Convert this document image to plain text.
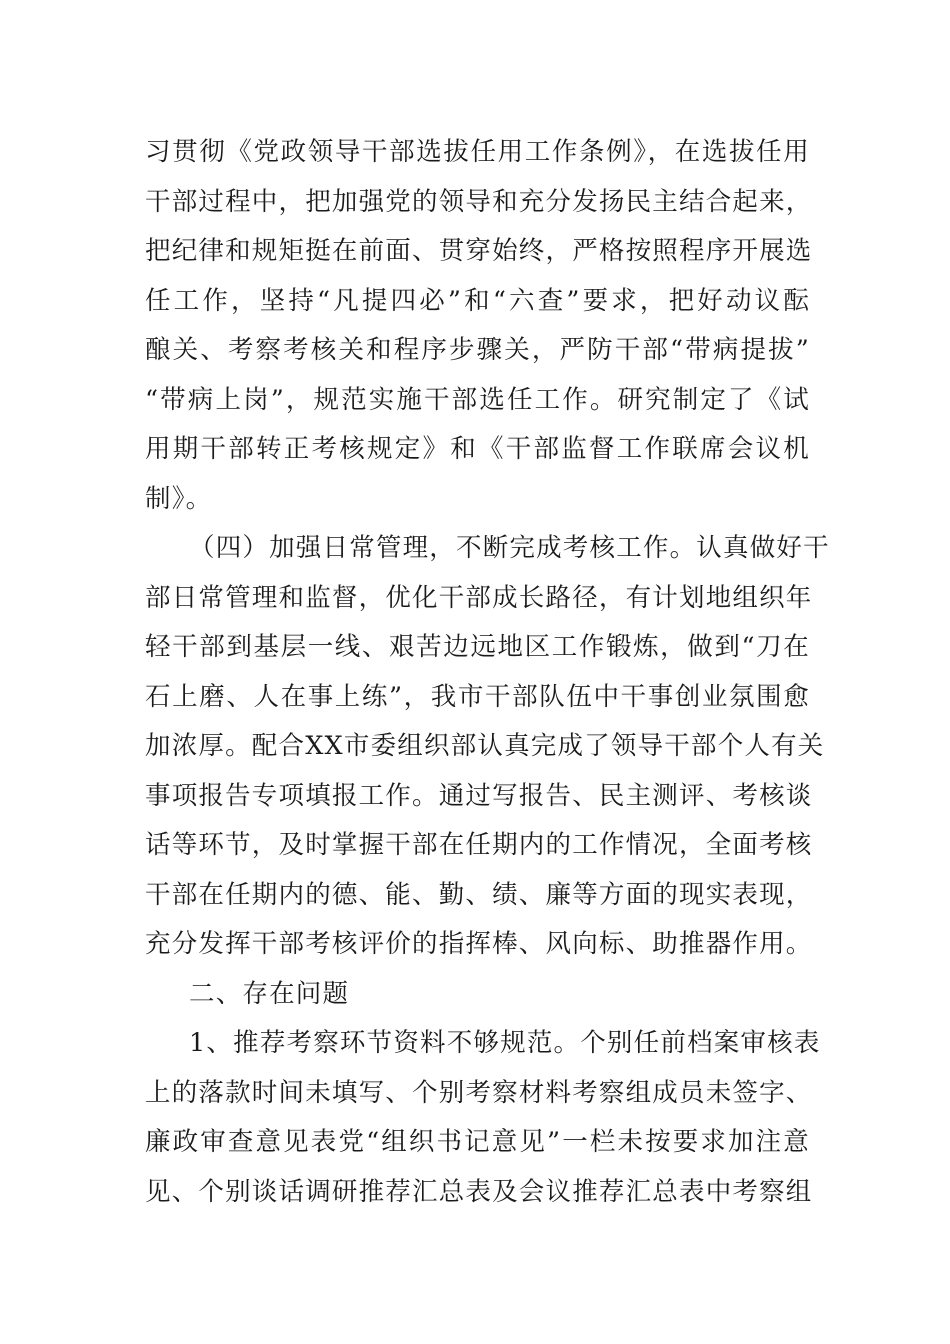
习贯彻《党政领导干部选拔任用工作条例》，在选拔任用
干部过程中，把加强党的领导和充分发扬民主结合起来，
把纪律和规矩挺在前面、贯穿始终，严格按照程序开展选
任工作，坚持“凡提四必”和“六查”要求，把好动议酝
酿关、考察考核关和程序步骤关，严防干部“带病提拔”
“带病上岗”，规范实施干部选任工作。研究制定了《试
用期干部转正考核规定》和《干部监督工作联席会议机
制》。
（四）加强日常管理，不断完成考核工作。认真做好干
部日常管理和监督，优化干部成长路径，有计划地组织年
轻干部到基层一线、艰苦边远地区工作锻炼，做到“刀在
石上磨、人在事上练”，我市干部队伍中干事创业氛围愈
加浓厚。配合XX市委组织部认真完成了领导干部个人有关
事项报告专项填报工作。通过写报告、民主测评、考核谈
话等环节，及时掌握干部在任期内的工作情况，全面考核
干部在任期内的德、能、勤、绩、廉等方面的现实表现，
充分发挥干部考核评价的指挥棒、风向标、助推器作用。
二、存在问题
1、推荐考察环节资料不够规范。个别任前档案审核表
上的落款时间未填写、个别考察材料考察组成员未签字、
廉政审查意见表党“组织书记意见”一栏未按要求加注意
见、个别谈话调研推荐汇总表及会议推荐汇总表中考察组
